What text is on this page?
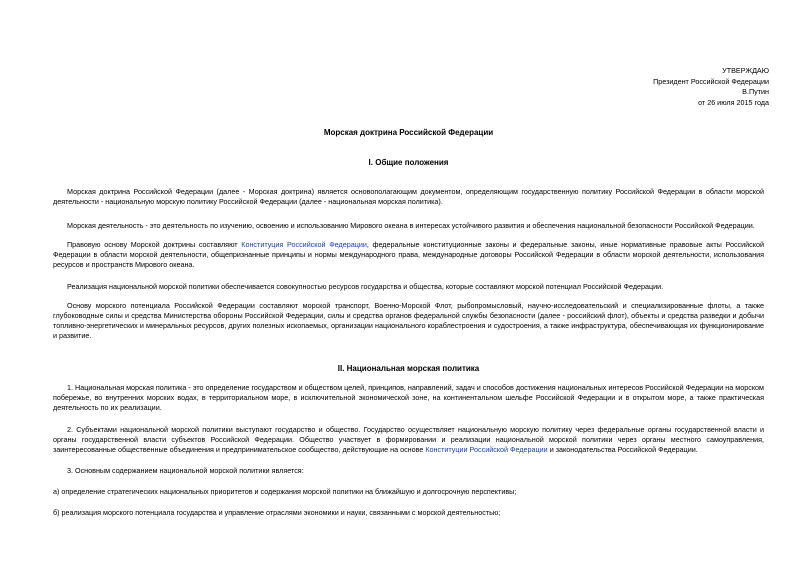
УТВЕРЖДАЮ
Президент Российской Федерации
В.Путин
от 26 июля 2015 года
Морская доктрина Российской Федерации
I. Общие положения

Морская доктрина Российской Федерации (далее - Морская доктрина) является основополагающим документом, определяющим государственную политику Российской Федерации в области морской деятельности - национальную морскую политику Российской Федерации (далее - национальная морская политика).

Морская деятельность - это деятельность по изучению, освоению и использованию Мирового океана в интересах устойчивого развития и обеспечения национальной безопасности Российской Федерации.

Правовую основу Морской доктрины составляют Конституция Российской Федерации, федеральные конституционные законы и федеральные законы, иные нормативные правовые акты Российской Федерации в области морской деятельности, общепризнанные принципы и нормы международного права, международные договоры Российской Федерации в области морской деятельности, использования ресурсов и пространств Мирового океана.

Реализация национальной морской политики обеспечивается совокупностью ресурсов государства и общества, которые составляют морской потенциал Российской Федерации.

Основу морского потенциала Российской Федерации составляют морской транспорт, Военно-Морской Флот, рыбопромысловый, научно-исследовательский и специализированные флоты, а также глубоководные силы и средства Министерства обороны Российской Федерации, силы и средства органов федеральной службы безопасности (далее - российский флот), объекты и средства разведки и добычи топливно-энергетических и минеральных ресурсов, других полезных ископаемых, организации национального кораблестроения и судостроения, а также инфраструктура, обеспечивающая их функционирование и развитие.

II. Национальная морская политика

1. Национальная морская политика - это определение государством и обществом целей, принципов, направлений, задач и способов достижения национальных интересов Российской Федерации на морском побережье, во внутренних морских водах, в территориальном море, в исключительной экономической зоне, на континентальном шельфе Российской Федерации и в открытом море, а также практическая деятельность по их реализации.

2. Субъектами национальной морской политики выступают государство и общество. Государство осуществляет национальную морскую политику через федеральные органы государственной власти и органы государственной власти субъектов Российской Федерации. Общество участвует в формировании и реализации национальной морской политики через органы местного самоуправления, заинтересованные общественные объединения и предпринимательское сообщество, действующие на основе Конституции Российской Федерации и законодательства Российской Федерации.

3. Основным содержанием национальной морской политики является:

а) определение стратегических национальных приоритетов и содержания морской политики на ближайшую и долгосрочную перспективы;

б) реализация морского потенциала государства и управление отраслями экономики и науки, связанными с морской деятельностью;
